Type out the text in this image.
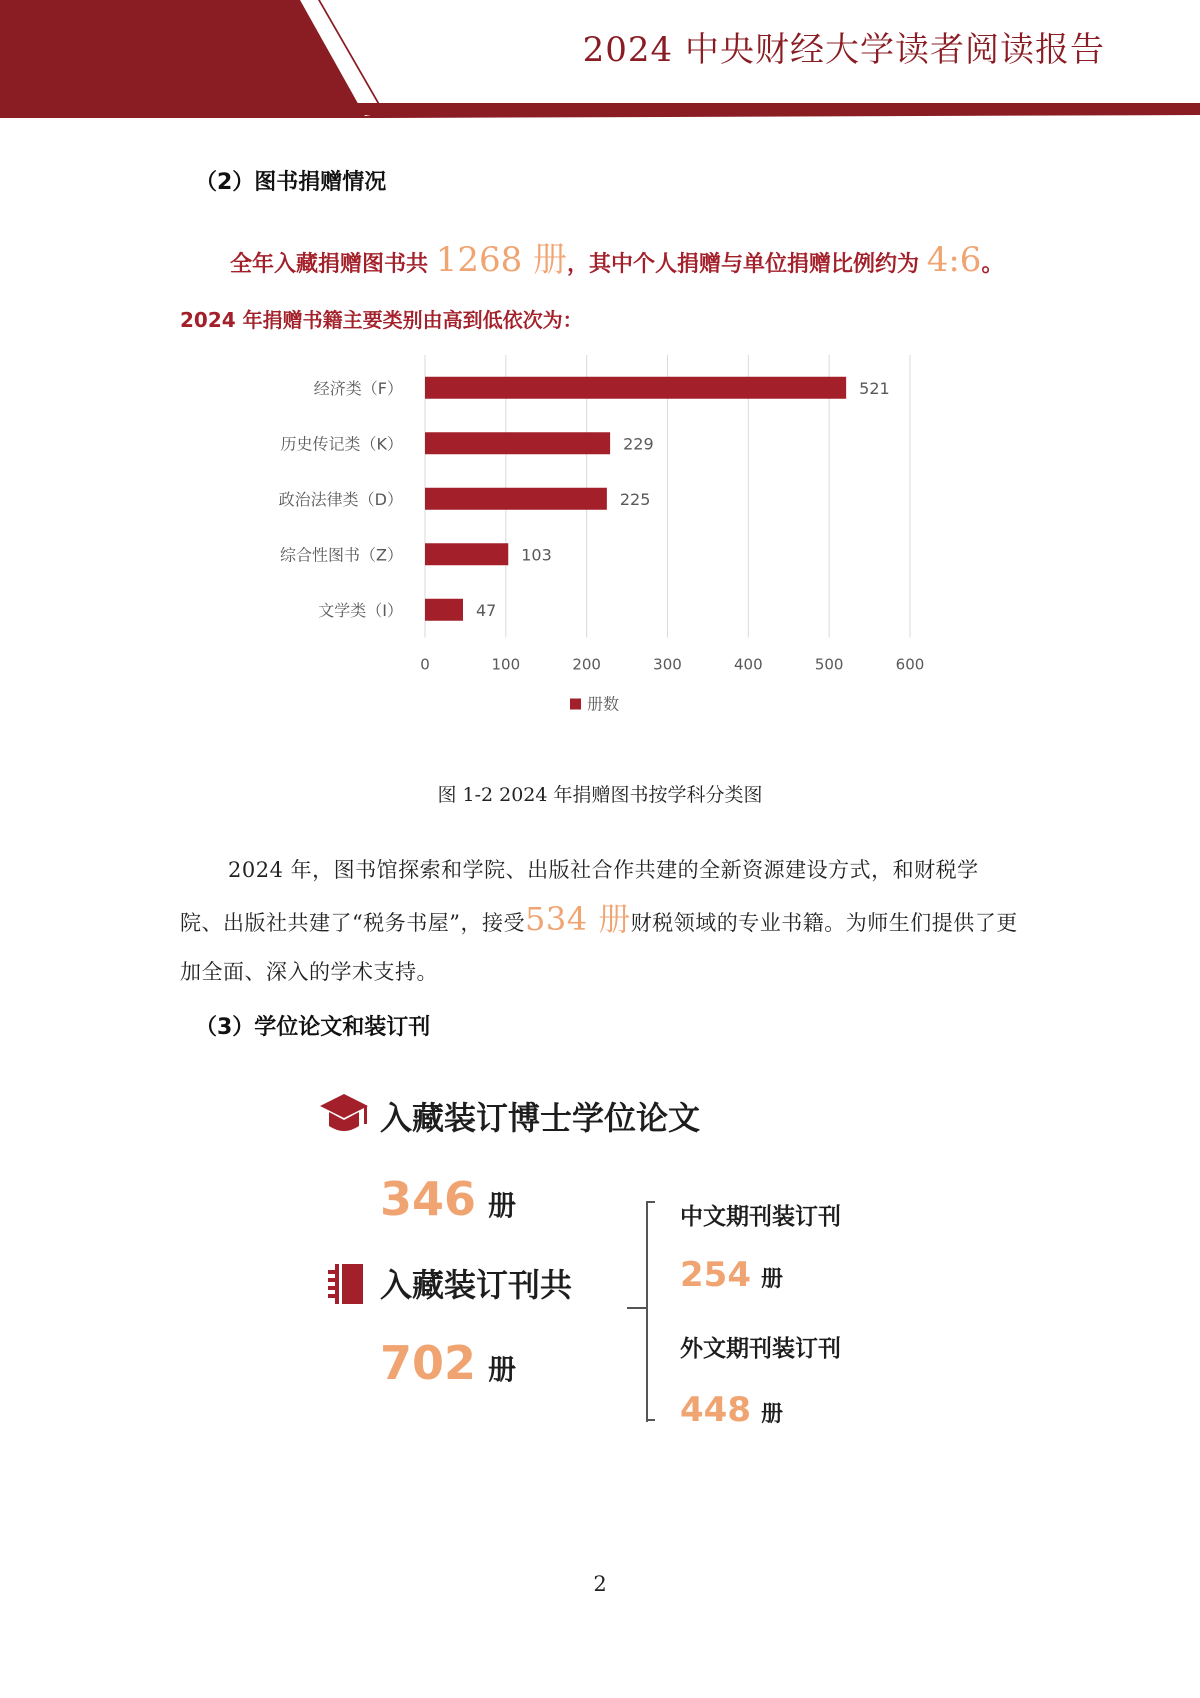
2024 中央财经大学读者阅读报告
（2）图书捐赠情况
全年入藏捐赠图书共 1268 册，其中个人捐赠与单位捐赠比例约为 4:6。
2024 年捐赠书籍主要类别由高到低依次为：
0	100	200	300	400	500	600
经济类（F）	521
历史传记类（K）	229
政治法律类（D）	225
综合性图书（Z）	103
文学类（I）	47
册数
图 1-2 2024 年捐赠图书按学科分类图
2024 年，图书馆探索和学院、出版社合作共建的全新资源建设方式，和财税学院、出版社共建了“税务书屋”，接受534 册财税领域的专业书籍。为师生们提供了更加全面、深入的学术支持。
（3）学位论文和装订刊
入藏装订博士学位论文
346 册
入藏装订刊共
702 册
中文期刊装订刊
254 册
外文期刊装订刊
448 册
2
